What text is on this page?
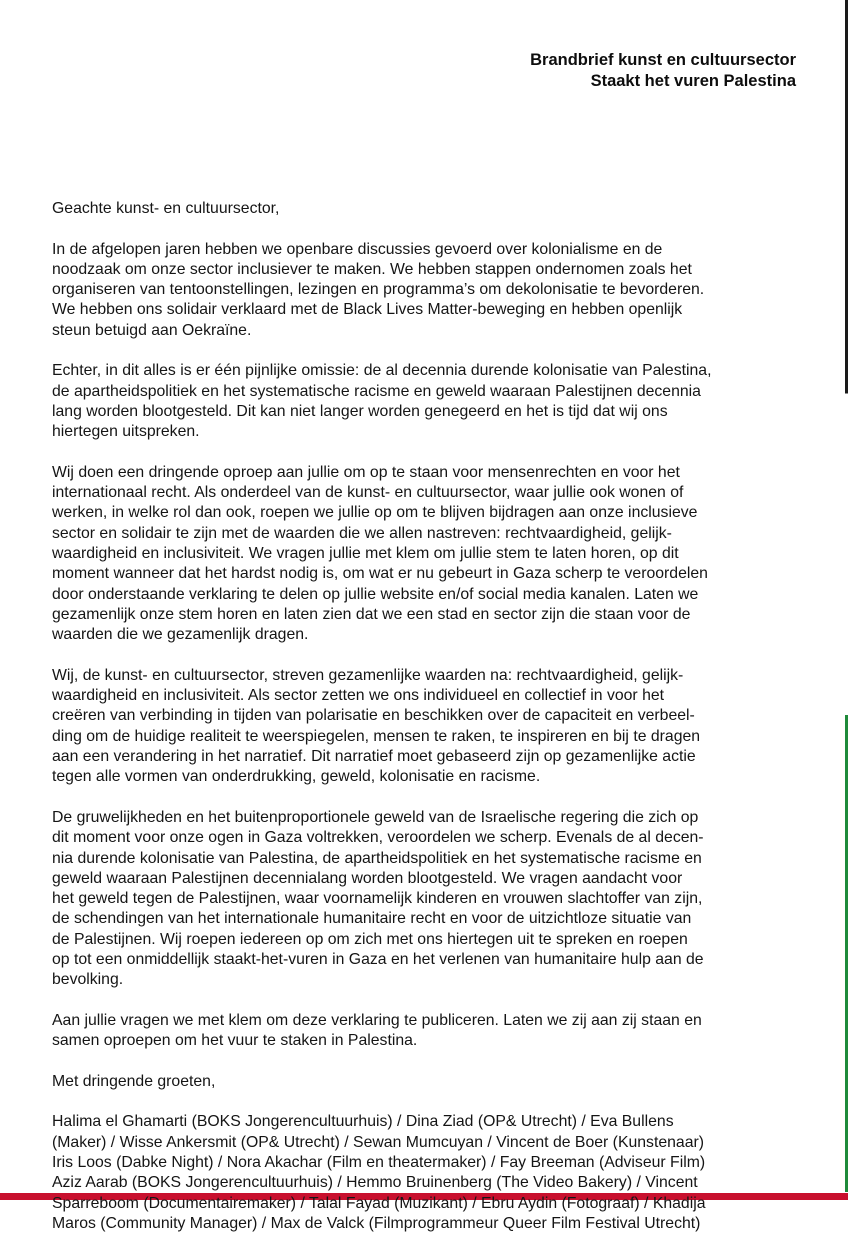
Brandbrief kunst en cultuursector
Staakt het vuren Palestina

Geachte kunst- en cultuursector,

In de afgelopen jaren hebben we openbare discussies gevoerd over kolonialisme en de
noodzaak om onze sector inclusiever te maken. We hebben stappen ondernomen zoals het
organiseren van tentoonstellingen, lezingen en programma’s om dekolonisatie te bevorderen.
We hebben ons solidair verklaard met de Black Lives Matter-beweging en hebben openlijk
steun betuigd aan Oekraïne.

Echter, in dit alles is er één pijnlijke omissie: de al decennia durende kolonisatie van Palestina,
de apartheidspolitiek en het systematische racisme en geweld waaraan Palestijnen decennia
lang worden blootgesteld. Dit kan niet langer worden genegeerd en het is tijd dat wij ons
hiertegen uitspreken.

Wij doen een dringende oproep aan jullie om op te staan voor mensenrechten en voor het
internationaal recht. Als onderdeel van de kunst- en cultuursector, waar jullie ook wonen of
werken, in welke rol dan ook, roepen we jullie op om te blijven bijdragen aan onze inclusieve
sector en solidair te zijn met de waarden die we allen nastreven: rechtvaardigheid, gelijk-
waardigheid en inclusiviteit. We vragen jullie met klem om jullie stem te laten horen, op dit
moment wanneer dat het hardst nodig is, om wat er nu gebeurt in Gaza scherp te veroordelen
door onderstaande verklaring te delen op jullie website en/of social media kanalen. Laten we
gezamenlijk onze stem horen en laten zien dat we een stad en sector zijn die staan voor de
waarden die we gezamenlijk dragen.

Wij, de kunst- en cultuursector, streven gezamenlijke waarden na: rechtvaardigheid, gelijk-
waardigheid en inclusiviteit. Als sector zetten we ons individueel en collectief in voor het
creëren van verbinding in tijden van polarisatie en beschikken over de capaciteit en verbeel-
ding om de huidige realiteit te weerspiegelen, mensen te raken, te inspireren en bij te dragen
aan een verandering in het narratief. Dit narratief moet gebaseerd zijn op gezamenlijke actie
tegen alle vormen van onderdrukking, geweld, kolonisatie en racisme.

De gruwelijkheden en het buitenproportionele geweld van de Israelische regering die zich op
dit moment voor onze ogen in Gaza voltrekken, veroordelen we scherp. Evenals de al decen-
nia durende kolonisatie van Palestina, de apartheidspolitiek en het systematische racisme en
geweld waaraan Palestijnen decennialang worden blootgesteld. We vragen aandacht voor
het geweld tegen de Palestijnen, waar voornamelijk kinderen en vrouwen slachtoffer van zijn,
de schendingen van het internationale humanitaire recht en voor de uitzichtloze situatie van
de Palestijnen. Wij roepen iedereen op om zich met ons hiertegen uit te spreken en roepen
op tot een onmiddellijk staakt-het-vuren in Gaza en het verlenen van humanitaire hulp aan de
bevolking.

Aan jullie vragen we met klem om deze verklaring te publiceren. Laten we zij aan zij staan en
samen oproepen om het vuur te staken in Palestina.

Met dringende groeten,

Halima el Ghamarti (BOKS Jongerencultuurhuis) / Dina Ziad (OP& Utrecht) / Eva Bullens
(Maker) / Wisse Ankersmit (OP& Utrecht) / Sewan Mumcuyan / Vincent de Boer (Kunstenaar)
Iris Loos (Dabke Night) / Nora Akachar (Film en theatermaker) / Fay Breeman (Adviseur Film)
Aziz Aarab (BOKS Jongerencultuurhuis) / Hemmo Bruinenberg (The Video Bakery) / Vincent
Sparreboom (Documentairemaker) / Talal Fayad (Muzikant) / Ebru Aydin (Fotograaf) / Khadija
Maros (Community Manager) / Max de Valck (Filmprogrammeur Queer Film Festival Utrecht)
